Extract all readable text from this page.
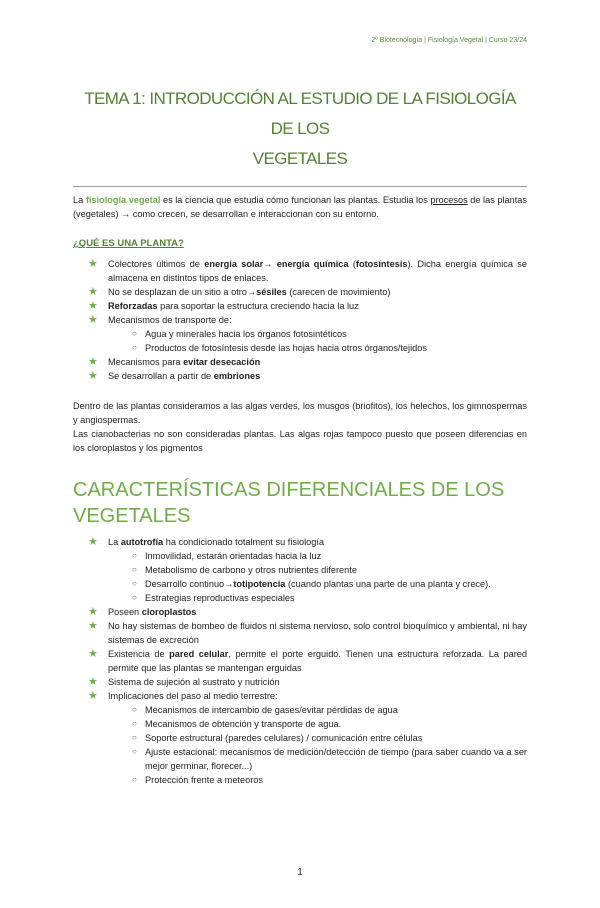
2º Biotecnología | Fisiología Vegetal | Curso 23/24
TEMA 1: INTRODUCCIÓN AL ESTUDIO DE LA FISIOLOGÍA DE LOS
VEGETALES

La fisiología vegetal es la ciencia que estudia cómo funcionan las plantas. Estudia los procesos de las plantas (vegetales) → como crecen, se desarrollan e interaccionan con su entorno.

¿QUÉ ES UNA PLANTA?
★ Colectores últimos de energía solar→ energía química (fotosíntesis). Dicha energía química se almacena en distintos tipos de enlaces.
★ No se desplazan de un sitio a otro→sésiles (carecen de movimiento)
★ Reforzadas para soportar la estructura creciendo hacia la luz
★ Mecanismos de transporte de:
○ Agua y minerales hacia los órganos fotosintéticos
○ Productos de fotosíntesis desde las hojas hacia otros órganos/tejidos
★ Mecanismos para evitar desecación
★ Se desarrollan a partir de embriones

Dentro de las plantas consideramos a las algas verdes, los musgos (briofitos), los helechos, los gimnospermas y angiospermas.

Las cianobacterias no son consideradas plantas. Las algas rojas tampoco puesto que poseen diferencias en los cloroplastos y los pigmentos

CARACTERÍSTICAS DIFERENCIALES DE LOS VEGETALES
★ La autotrofía ha condicionado totalment su fisiología
○ Inmovilidad, estarán orientadas hacia la luz
○ Metabolismo de carbono y otros nutrientes diferente
○ Desarrollo continuo→totipotencia (cuando plantas una parte de una planta y crece).
○ Estrategias reproductivas especiales
★ Poseen cloroplastos
★ No hay sistemas de bombeo de fluidos ni sistema nervioso, solo control bioquímico y ambiental, ni hay sistemas de excreción
★ Existencia de pared celular, permite el porte erguido. Tienen una estructura reforzada. La pared permite que las plantas se mantengan erguidas
★ Sistema de sujeción al sustrato y nutrición
★ Implicaciones del paso al medio terrestre:
○ Mecanismos de intercambio de gases/evitar pérdidas de agua
○ Mecanismos de obtención y transporte de agua.
○ Soporte estructural (paredes celulares) / comunicación entre células
○ Ajuste estacional: mecanismos de medición/detección de tiempo (para saber cuando va a ser mejor germinar, florecer...)
○ Protección frente a meteoros
1
